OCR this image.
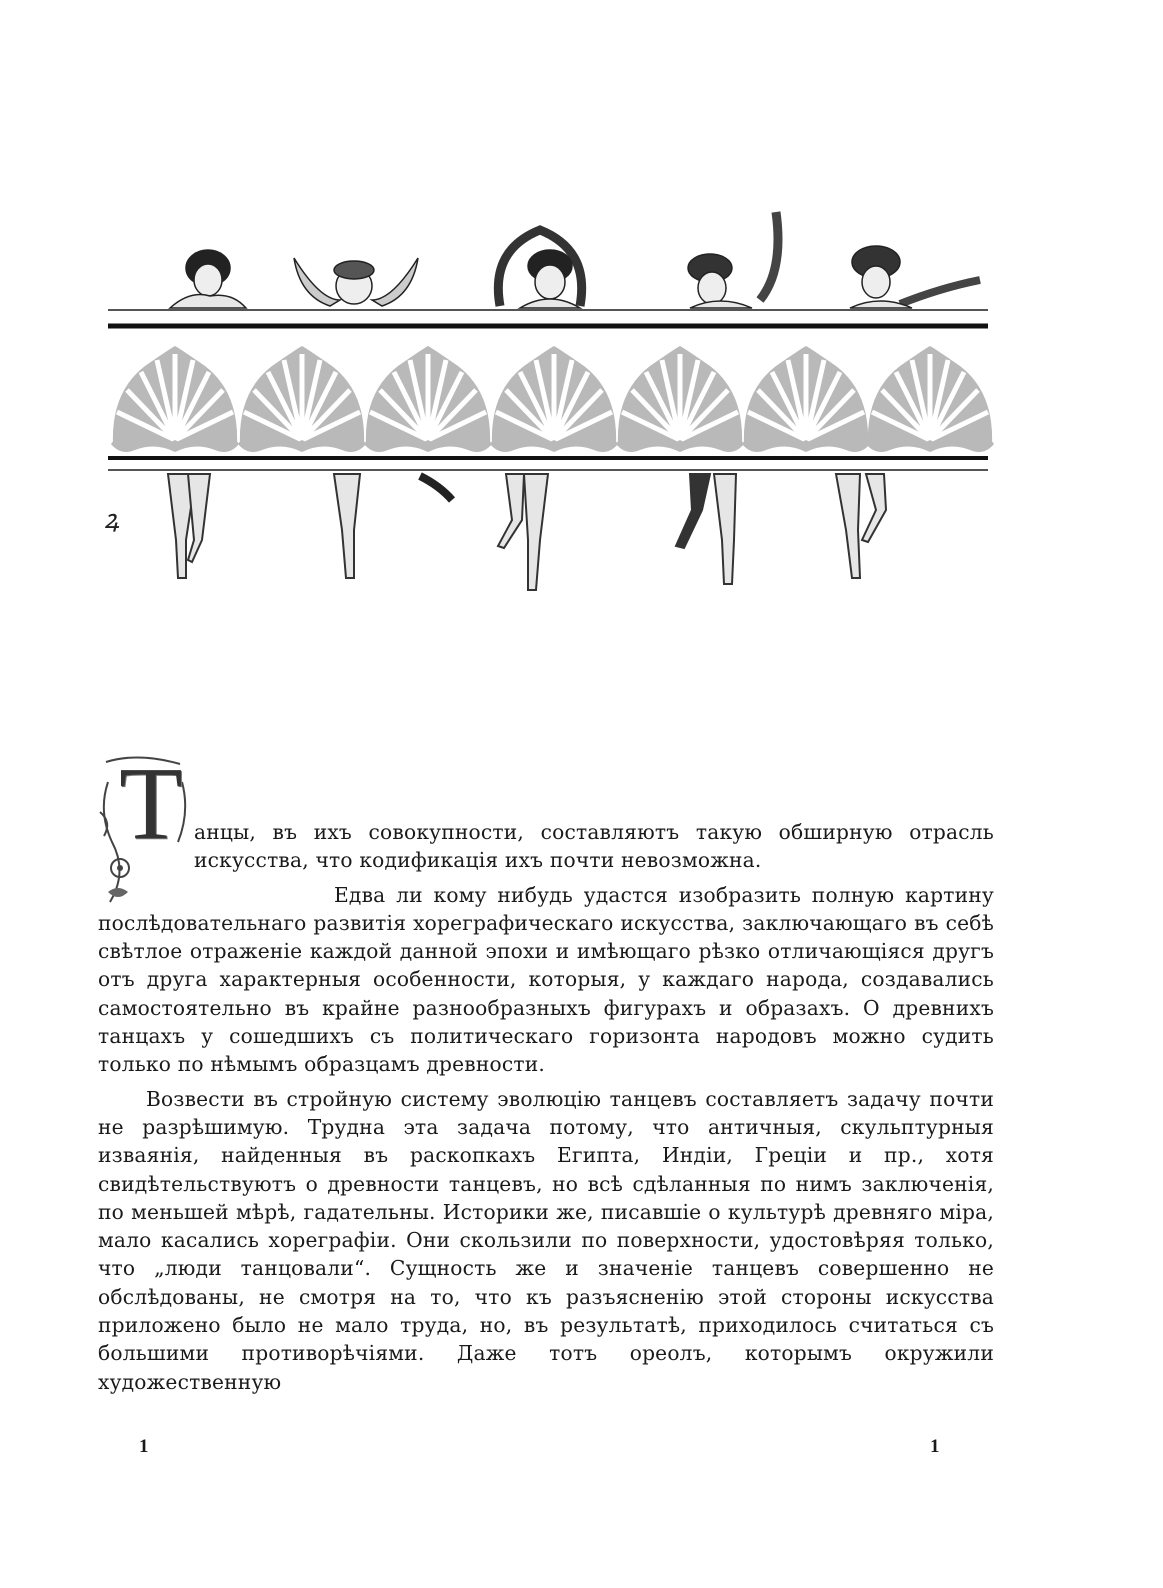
ꝝ

Т анцы, въ ихъ совокупности, составляютъ такую обширную отрасль искусства, что кодификація ихъ почти невозможна.

Едва ли кому нибудь удастся изобразить полную картину послѣдовательнаго развитія хореграфическаго искусства, заключающаго въ себѣ свѣтлое отраженіе каждой данной эпохи и имѣющаго рѣзко отличающіяся другъ отъ друга характерныя особенности, которыя, у каждаго народа, создавались самостоятельно въ крайне разнообразныхъ фигурахъ и образахъ. О древнихъ танцахъ у сошедшихъ съ политическаго горизонта народовъ можно судить только по нѣмымъ образцамъ древности.

Возвести въ стройную систему эволюцію танцевъ составляетъ задачу почти не разрѣшимую. Трудна эта задача потому, что античныя, скульптурныя изваянія, найденныя въ раскопкахъ Египта, Индіи, Греціи и пр., хотя свидѣтельствуютъ о древности танцевъ, но всѣ сдѣланныя по нимъ заключенія, по меньшей мѣрѣ, гадательны. Историки же, писавшіе о культурѣ древняго міра, мало касались хореграфіи. Они скользили по поверхности, удостовѣряя только, что „люди танцовали“. Сущность же и значеніе танцевъ совершенно не обслѣдованы, не смотря на то, что къ разъясненію этой стороны искусства приложено было не мало труда, но, въ результатѣ, приходилось считаться съ большими противорѣчіями. Даже тотъ ореолъ, которымъ окружили художественную

1	1
